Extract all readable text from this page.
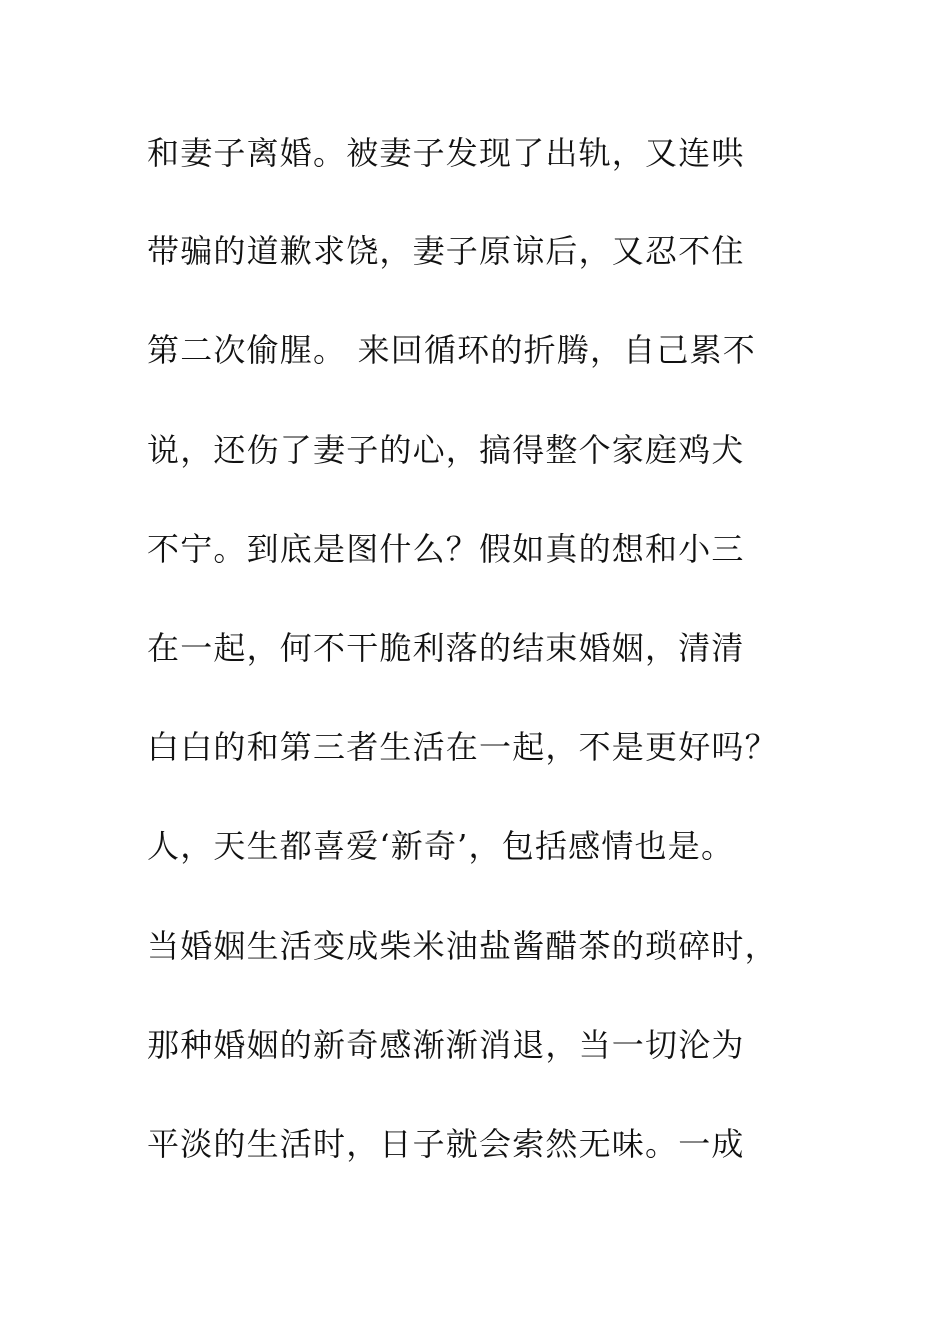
和妻子离婚。被妻子发现了出轨，又连哄

带骗的道歉求饶，妻子原谅后，又忍不住

第二次偷腥。 来回循环的折腾，自己累不

说，还伤了妻子的心，搞得整个家庭鸡犬

不宁。到底是图什么？假如真的想和小三

在一起，何不干脆利落的结束婚姻，清清

白白的和第三者生活在一起，不是更好吗？

人，天生都喜爱‘新奇’，包括感情也是。

当婚姻生活变成柴米油盐酱醋茶的琐碎时，

那种婚姻的新奇感渐渐消退，当一切沦为

平淡的生活时，日子就会索然无味。一成
